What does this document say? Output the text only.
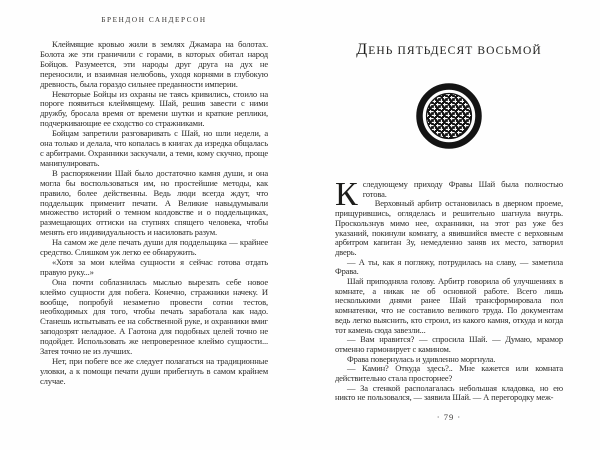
БРЕНДОН САНДЕРСОН

Клеймящие кровью жили в землях Джамара на болотах. Болота же эти граничили с горами, в которых обитал народ Бойцов. Разумеется, эти народы друг друга на дух не переносили, и взаимная нелюбовь, уходя корнями в глубокую древность, была гораздо сильнее преданности империи.

Некоторые Бойцы из охраны не таясь кривились, стоило на пороге появиться клеймящему. Шай, решив завести с ними дружбу, бросала время от времени шутки и краткие реплики, подчеркивающие ее сходство со стражниками.

Бойцам запретили разговаривать с Шай, но шли недели, а она только и делала, что копалась в книгах да изредка общалась с арбитрами. Охранники заскучали, а теми, кому скучно, проще манипулировать.

В распоряжении Шай было достаточно камня души, и она могла бы воспользоваться им, но простейшие методы, как правило, более действенны. Ведь люди всегда ждут, что поддельщик применит печати. А Великие навыдумывали множество историй о темном колдовстве и о поддельщиках, размещающих оттиски на ступнях спящего человека, чтобы менять его индивидуальность и насиловать разум.

На самом же деле печать души для поддельщика — крайнее средство. Слишком уж легко ее обнаружить.

«Хотя за мои клейма сущности я сейчас готова отдать правую руку...»

Она почти соблазнилась мыслью вырезать себе новое клеймо сущности для побега. Конечно, стражники начеку. И вообще, попробуй незаметно провести сотни тестов, необходимых для того, чтобы печать заработала как надо. Станешь испытывать ее на собственной руке, и охранники вмиг заподозрят неладное. А Гаотона для подобных целей точно не подойдет. Использовать же непроверенное клеймо сущности... Затея точно не из лучших.

Нет, при побеге все же следует полагаться на традиционные уловки, а к помощи печати души прибегнуть в самом крайнем случае.

ДЕНЬ ПЯТЬДЕСЯТ ВОСЬМОЙ
К следующему приходу Фравы Шай была полностью готова.

Верховный арбитр остановилась в дверном проеме, прищурившись, огляделась и решительно шагнула внутрь. Проскользнув мимо нее, охранники, на этот раз уже без указаний, покинули комнату, а явившийся вместе с верховным арбитром капитан Зу, немедленно заняв их место, затворил дверь.

— А ты, как я погляжу, потрудилась на славу, — заметила Фрава.

Шай приподняла голову. Арбитр говорила об улучшениях в комнате, а никак не об основной работе. Всего лишь несколькими днями ранее Шай трансформировала пол комнатенки, что не составило великого труда. По документам ведь легко выяснить, кто строил, из какого камня, откуда и когда тот камень сюда завезли...

— Вам нравится? — спросила Шай. — Думаю, мрамор отменно гармонирует с камином.

Фрава повернулась и удивленно моргнула.

— Камин? Откуда здесь?.. Мне кажется или комната действительно стала просторнее?

— За стенкой располагалась небольшая кладовка, но ею никто не пользовался, — заявила Шай. — А перегородку меж-

· 79 ·
